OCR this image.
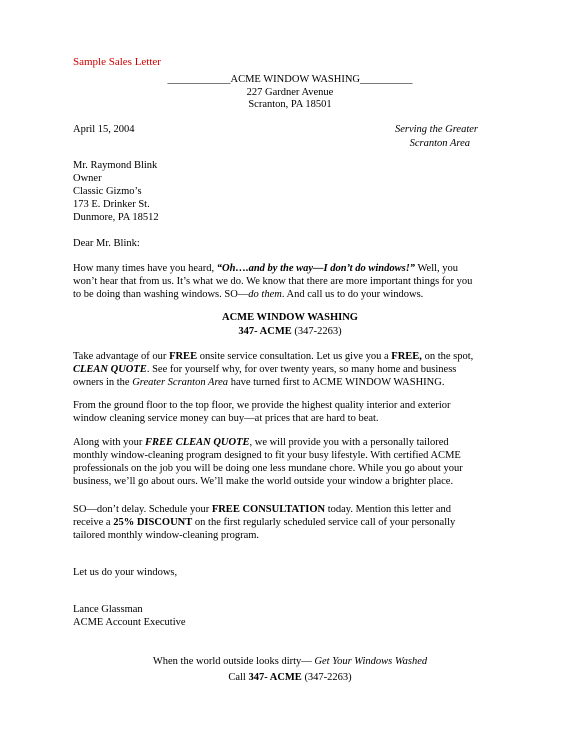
Sample Sales Letter
____________ACME WINDOW WASHING__________
227 Gardner Avenue
Scranton, PA 18501
April 15, 2004	Serving the Greater
Scranton Area
Mr. Raymond Blink
Owner
Classic Gizmo’s
173 E. Drinker St.
Dunmore, PA 18512
Dear Mr. Blink:
How many times have you heard, “Oh….and by the way—I don’t do windows!” Well, you
won’t hear that from us. It’s what we do. We know that there are more important things for you
to be doing than washing windows. SO—do them. And call us to do your windows.
ACME WINDOW WASHING
347- ACME (347-2263)
Take advantage of our FREE onsite service consultation. Let us give you a FREE, on the spot,
CLEAN QUOTE. See for yourself why, for over twenty years, so many home and business
owners in the Greater Scranton Area have turned first to ACME WINDOW WASHING.
From the ground floor to the top floor, we provide the highest quality interior and exterior
window cleaning service money can buy—at prices that are hard to beat.
Along with your FREE CLEAN QUOTE, we will provide you with a personally tailored
monthly window-cleaning program designed to fit your busy lifestyle. With certified ACME
professionals on the job you will be doing one less mundane chore. While you go about your
business, we’ll go about ours. We’ll make the world outside your window a brighter place.
SO—don’t delay. Schedule your FREE CONSULTATION today. Mention this letter and
receive a 25% DISCOUNT on the first regularly scheduled service call of your personally
tailored monthly window-cleaning program.
Let us do your windows,
Lance Glassman
ACME Account Executive
When the world outside looks dirty— Get Your Windows Washed
Call 347- ACME (347-2263)
